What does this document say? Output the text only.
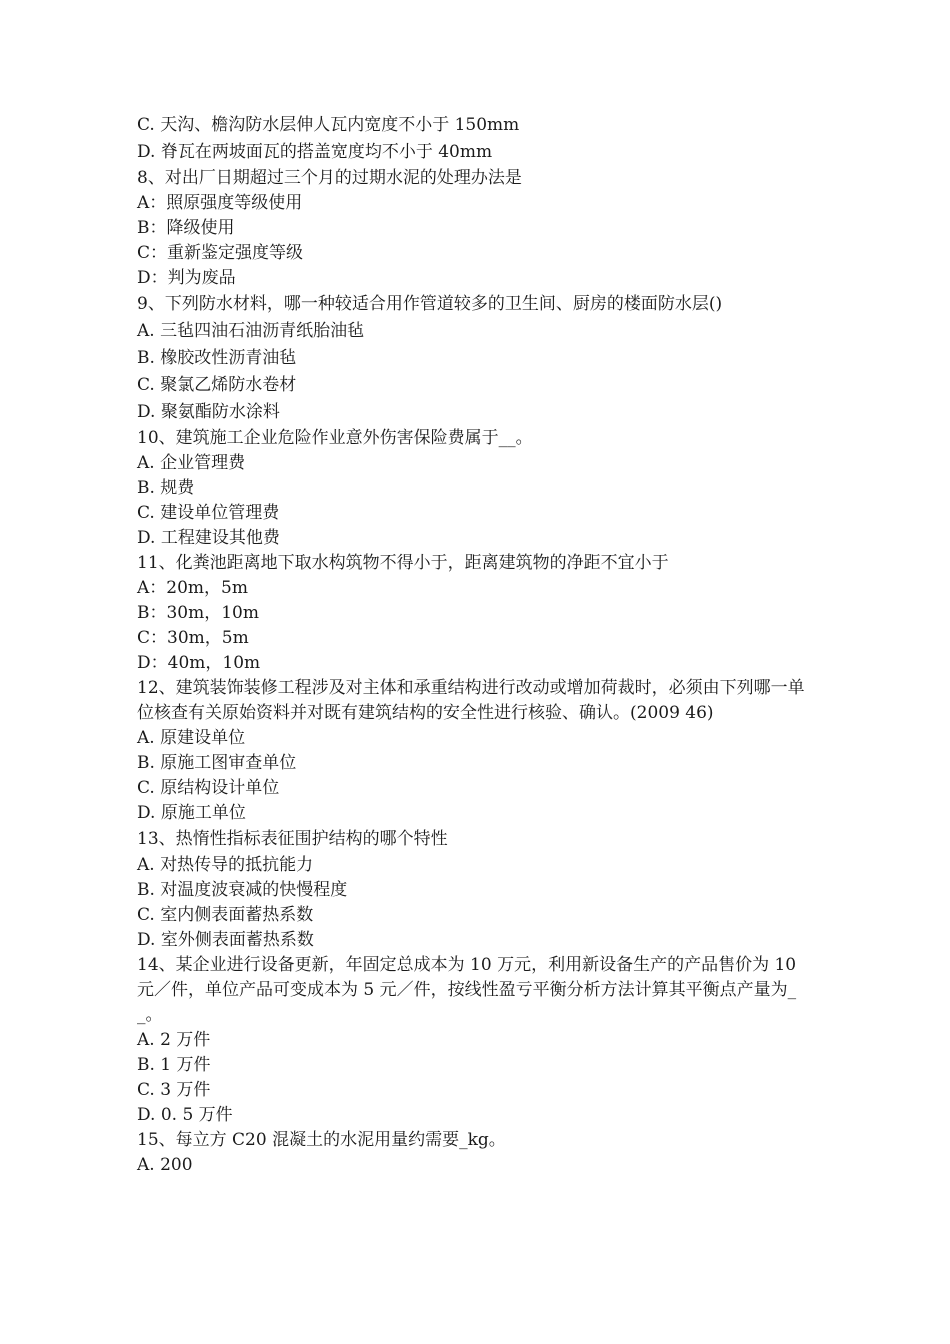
C. 天沟、檐沟防水层伸人瓦内宽度不小于 150mm
D. 脊瓦在两坡面瓦的搭盖宽度均不小于 40mm
8、对出厂日期超过三个月的过期水泥的处理办法是
A：照原强度等级使用
B：降级使用
C：重新鉴定强度等级
D：判为废品
9、下列防水材料，哪一种较适合用作管道较多的卫生间、厨房的楼面防水层()
A. 三毡四油石油沥青纸胎油毡
B. 橡胶改性沥青油毡
C. 聚氯乙烯防水卷材
D. 聚氨酯防水涂料
10、建筑施工企业危险作业意外伤害保险费属于__。
A. 企业管理费
B. 规费
C. 建设单位管理费
D. 工程建设其他费
11、化粪池距离地下取水构筑物不得小于，距离建筑物的净距不宜小于
A：20m，5m
B：30m，10m
C：30m，5m
D：40m，10m
12、建筑装饰装修工程涉及对主体和承重结构进行改动或增加荷裁时，必须由下列哪一单位核查有关原始资料并对既有建筑结构的安全性进行核验、确认。(2009 46)
A. 原建设单位
B. 原施工图审查单位
C. 原结构设计单位
D. 原施工单位
13、热惰性指标表征围护结构的哪个特性
A. 对热传导的抵抗能力
B. 对温度波衰减的快慢程度
C. 室内侧表面蓄热系数
D. 室外侧表面蓄热系数
14、某企业进行设备更新，年固定总成本为 10 万元，利用新设备生产的产品售价为 10 元／件，单位产品可变成本为 5 元／件，按线性盈亏平衡分析方法计算其平衡点产量为__。
A. 2 万件
B. 1 万件
C. 3 万件
D. 0. 5 万件
15、每立方 C20 混凝土的水泥用量约需要_kg。
A. 200
